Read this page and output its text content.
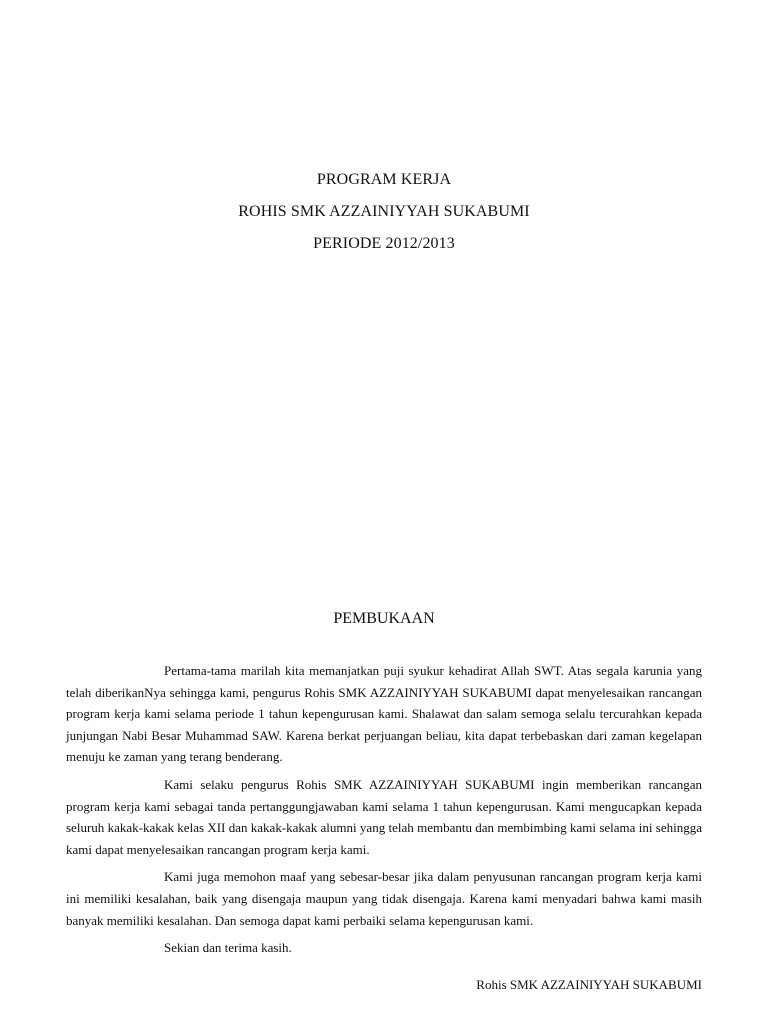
PROGRAM KERJA
ROHIS SMK AZZAINIYYAH SUKABUMI
PERIODE 2012/2013
PEMBUKAAN

Pertama-tama marilah kita memanjatkan puji syukur kehadirat Allah SWT. Atas segala karunia yang telah diberikanNya sehingga kami, pengurus Rohis SMK AZZAINIYYAH SUKABUMI dapat menyelesaikan rancangan program kerja kami selama periode 1 tahun kepengurusan kami. Shalawat dan salam semoga selalu tercurahkan kepada junjungan Nabi Besar Muhammad SAW. Karena berkat perjuangan beliau, kita dapat terbebaskan dari zaman kegelapan menuju ke zaman yang terang benderang.

Kami selaku pengurus Rohis SMK AZZAINIYYAH SUKABUMI ingin memberikan rancangan program kerja kami sebagai tanda pertanggungjawaban kami selama 1 tahun kepengurusan. Kami mengucapkan kepada seluruh kakak-kakak kelas XII dan kakak-kakak alumni yang telah membantu dan membimbing kami selama ini sehingga kami dapat menyelesaikan rancangan program kerja kami.

Kami juga memohon maaf yang sebesar-besar jika dalam penyusunan rancangan program kerja kami ini memiliki kesalahan, baik yang disengaja maupun yang tidak disengaja. Karena kami menyadari bahwa kami masih banyak memiliki kesalahan. Dan semoga dapat kami perbaiki selama kepengurusan kami.

Sekian dan terima kasih.

Rohis SMK AZZAINIYYAH SUKABUMI
